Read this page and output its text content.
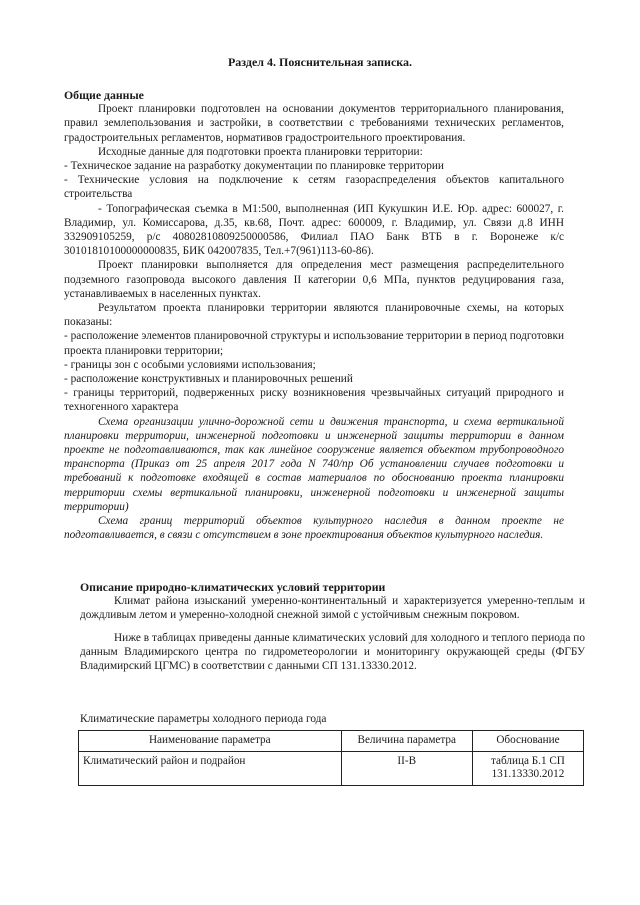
Раздел 4. Пояснительная записка.
Общие данные

Проект планировки подготовлен на основании документов территориального планирования, правил землепользования и застройки, в соответствии с требованиями технических регламентов, градостроительных регламентов, нормативов градостроительного проектирования.

Исходные данные для подготовки проекта планировки территории:

- Техническое задание на разработку документации по планировке территории

- Технические условия на подключение к сетям газораспределения объектов капитального строительства

- Топографическая съемка в М1:500, выполненная (ИП Кукушкин И.Е. Юр. адрес: 600027, г. Владимир, ул. Комиссарова, д.35, кв.68, Почт. адрес: 600009, г. Владимир, ул. Связи д.8 ИНН 332909105259, р/с 40802810809250000586, Филиал ПАО Банк ВТБ в г. Воронеже к/с 30101810100000000835, БИК 042007835, Тел.+7(961)113-60-86).

Проект планировки выполняется для определения мест размещения распределительного подземного газопровода высокого давления II категории 0,6 МПа, пунктов редуцирования газа, устанавливаемых в населенных пунктах.

Результатом проекта планировки территории являются планировочные схемы, на которых показаны:

- расположение элементов планировочной структуры и использование территории в период подготовки проекта планировки территории;

- границы зон с особыми условиями использования;

- расположение конструктивных и планировочных решений

- границы территорий, подверженных риску возникновения чрезвычайных ситуаций природного и техногенного характера

Схема организации улично-дорожной сети и движения транспорта, и схема вертикальной планировки территории, инженерной подготовки и инженерной защиты территории в данном проекте не подготавливаются, так как линейное сооружение является объектом трубопроводного транспорта (Приказ от 25 апреля 2017 года N 740/пр Об установлении случаев подготовки и требований к подготовке входящей в состав материалов по обоснованию проекта планировки территории схемы вертикальной планировки, инженерной подготовки и инженерной защиты территории)

Схема границ территорий объектов культурного наследия в данном проекте не подготавливается, в связи с отсутствием в зоне проектирования объектов культурного наследия.

Описание природно-климатических условий территории

Климат района изысканий умеренно-континентальный и характеризуется умеренно-теплым и дождливым летом и умеренно-холодной снежной зимой с устойчивым снежным покровом.

Ниже в таблицах приведены данные климатических условий для холодного и теплого периода по данным Владимирского центра по гидрометеорологии и мониторингу окружающей среды (ФГБУ Владимирский ЦГМС) в соответствии с данными СП 131.13330.2012.

Климатические параметры холодного периода года
Наименование параметра	Величина параметра	Обоснование
Климатический район и подрайон	II-B	таблица Б.1 СП 131.13330.2012
